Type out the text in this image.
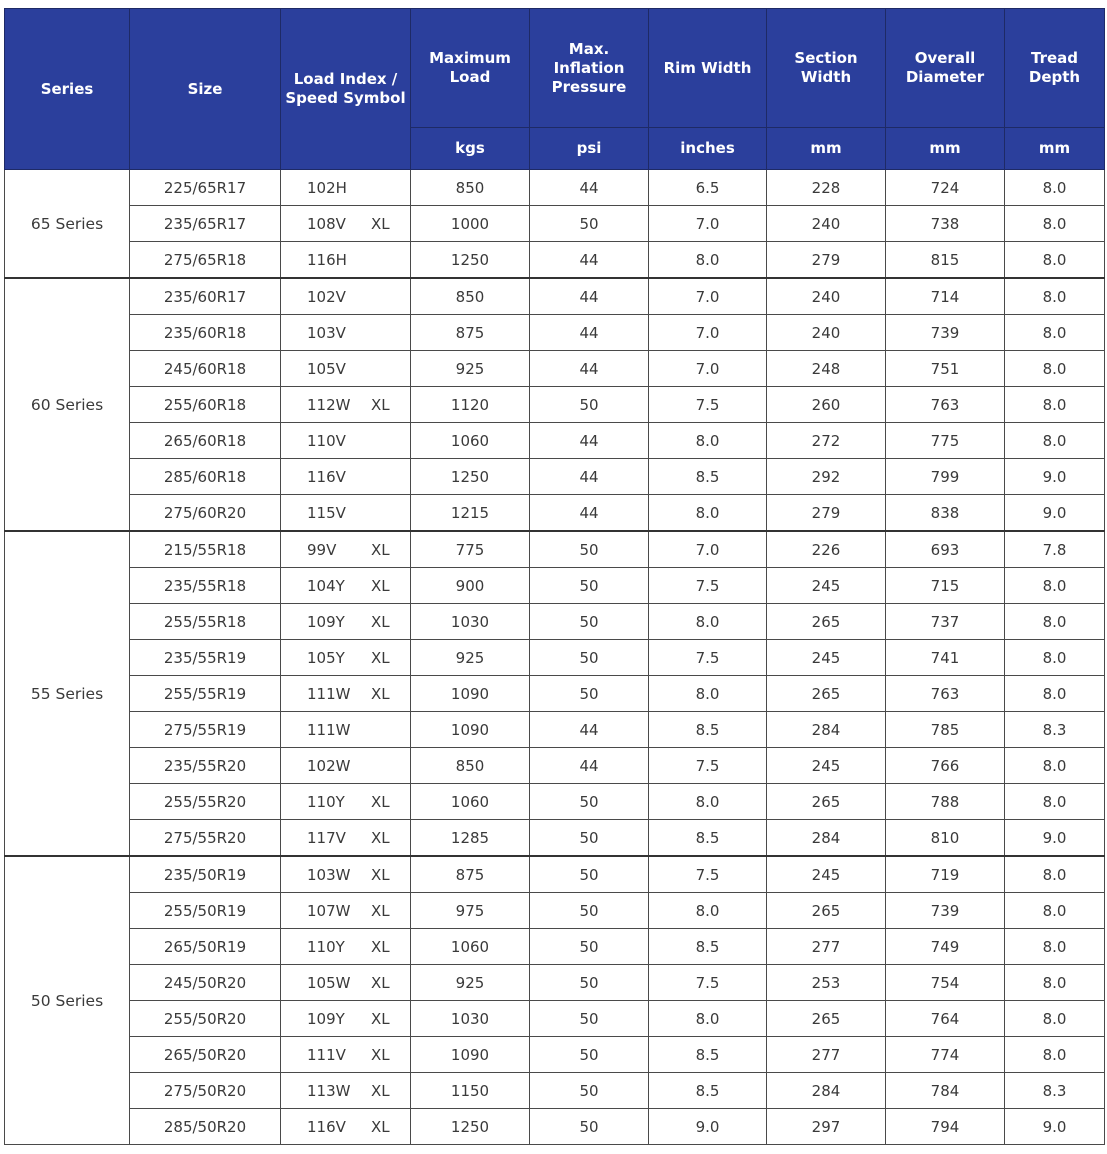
Series	Size	Load Index / Speed Symbol	Maximum Load	Max. Inflation Pressure	Rim Width	Section Width	Overall Diameter	Tread Depth
			kgs	psi	inches	mm	mm	mm
65 Series	225/65R17	102H	850	44	6.5	228	724	8.0
	235/65R17	108V XL	1000	50	7.0	240	738	8.0
	275/65R18	116H	1250	44	8.0	279	815	8.0
60 Series	235/60R17	102V	850	44	7.0	240	714	8.0
	235/60R18	103V	875	44	7.0	240	739	8.0
	245/60R18	105V	925	44	7.0	248	751	8.0
	255/60R18	112W XL	1120	50	7.5	260	763	8.0
	265/60R18	110V	1060	44	8.0	272	775	8.0
	285/60R18	116V	1250	44	8.5	292	799	9.0
	275/60R20	115V	1215	44	8.0	279	838	9.0
55 Series	215/55R18	99V XL	775	50	7.0	226	693	7.8
	235/55R18	104Y XL	900	50	7.5	245	715	8.0
	255/55R18	109Y XL	1030	50	8.0	265	737	8.0
	235/55R19	105Y XL	925	50	7.5	245	741	8.0
	255/55R19	111W XL	1090	50	8.0	265	763	8.0
	275/55R19	111W	1090	44	8.5	284	785	8.3
	235/55R20	102W	850	44	7.5	245	766	8.0
	255/55R20	110Y XL	1060	50	8.0	265	788	8.0
	275/55R20	117V XL	1285	50	8.5	284	810	9.0
50 Series	235/50R19	103W XL	875	50	7.5	245	719	8.0
	255/50R19	107W XL	975	50	8.0	265	739	8.0
	265/50R19	110Y XL	1060	50	8.5	277	749	8.0
	245/50R20	105W XL	925	50	7.5	253	754	8.0
	255/50R20	109Y XL	1030	50	8.0	265	764	8.0
	265/50R20	111V XL	1090	50	8.5	277	774	8.0
	275/50R20	113W XL	1150	50	8.5	284	784	8.3
	285/50R20	116V XL	1250	50	9.0	297	794	9.0
